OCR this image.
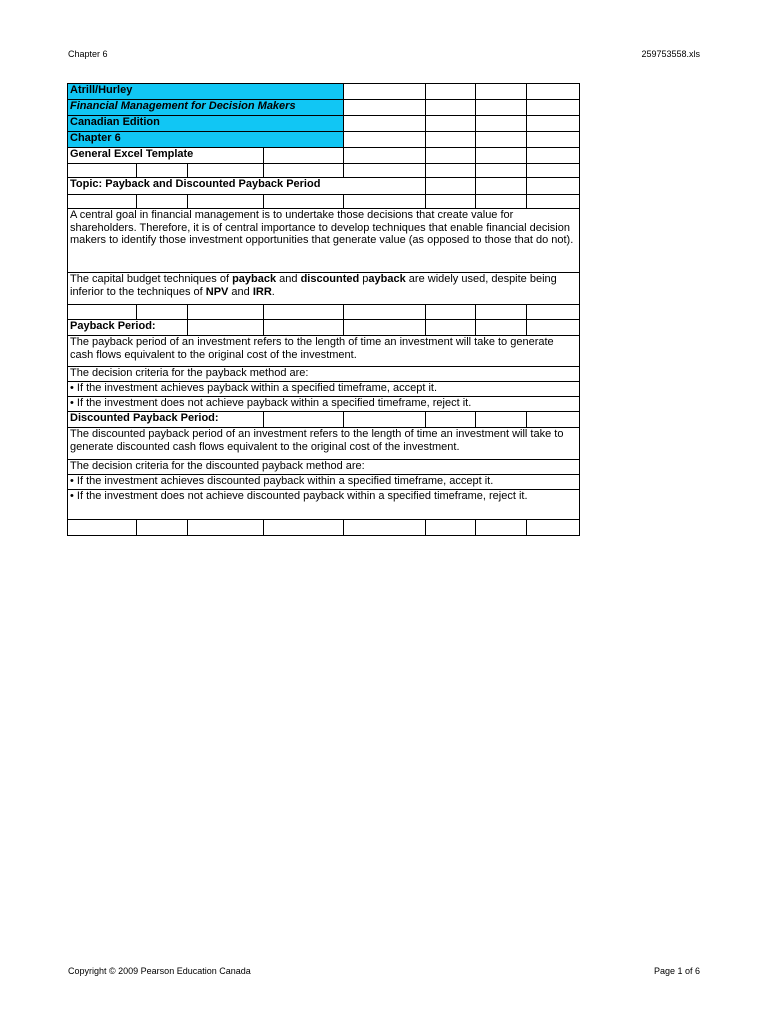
Chapter 6	259753558.xls
Atrill/Hurley							
Financial Management for Decision Makers							
Canadian Edition							
Chapter 6							
General Excel Template							

Topic: Payback and Discounted Payback Period							

A central goal in financial management is to undertake those decisions that create value for shareholders. Therefore, it is of central importance to develop techniques that enable financial decision makers to identify those investment opportunities that generate value (as opposed to those that do not).							
The capital budget techniques of payback and discounted payback are widely used, despite being inferior to the techniques of NPV and IRR.							

Payback Period:							
The payback period of an investment refers to the length of time an investment will take to generate cash flows equivalent to the original cost of the investment.							
The decision criteria for the payback method are:							
• If the investment achieves payback within a specified timeframe, accept it.							
• If the investment does not achieve payback within a specified timeframe, reject it.							
Discounted Payback Period:							
The discounted payback period of an investment refers to the length of time an investment will take to generate discounted cash flows equivalent to the original cost of the investment.							
The decision criteria for the discounted payback method are:							
• If the investment achieves discounted payback within a specified timeframe, accept it.							
• If the investment does not achieve discounted payback within a specified timeframe, reject it.							

Copyright © 2009 Pearson Education Canada	Page 1 of 6
